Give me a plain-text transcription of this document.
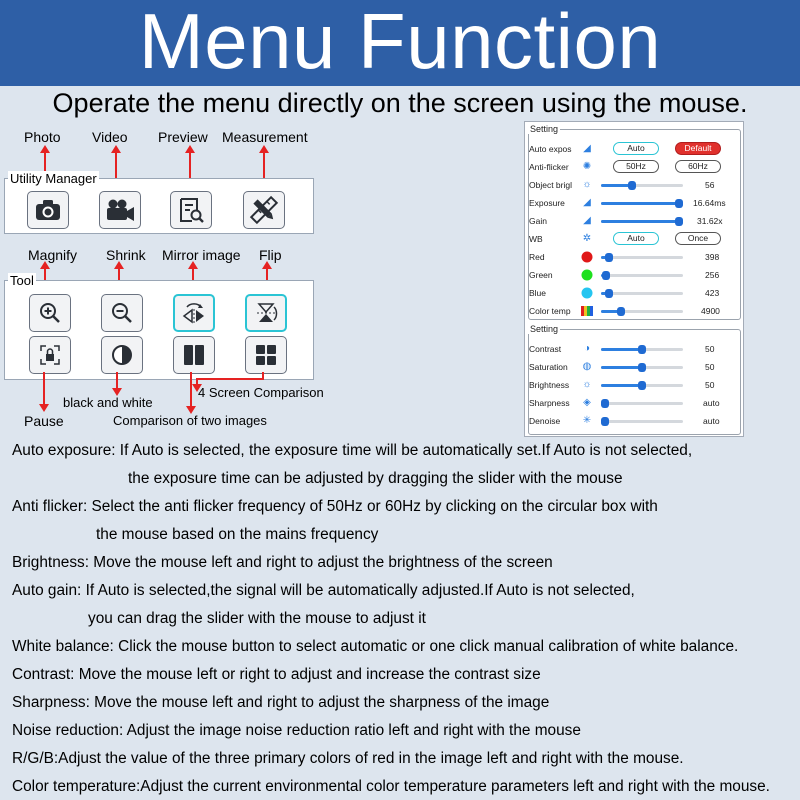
Menu Function
Operate the menu directly on the screen using the mouse.
Photo Video Preview Measurement
Utility Manager
Magnify Shrink Mirror image Flip
Tool
Pause
black and white
Comparison of two images
4 Screen Comparison
Setting
Auto expos	◢	Auto	Default
Anti-flicker	✺	50Hz	60Hz
Object brigl	☼	56
Exposure	◢	16.64ms
Gain	◢	31.62x
WB	✲	Auto	Once
Red	398
Green	256
Blue	423
Color temp	4900
Setting
Contrast	◑	50
Saturation	◍	50
Brightness	☼	50
Sharpness	◈	auto
Denoise	✳	auto
Auto exposure: If Auto is selected, the exposure time will be automatically set.If Auto is not selected,
the exposure time can be adjusted by dragging the slider with the mouse
Anti flicker: Select the anti flicker frequency of 50Hz or 60Hz by clicking on the circular box with
the mouse based on the mains frequency
Brightness: Move the mouse left and right to adjust the brightness of the screen
Auto gain: If Auto is selected,the signal will be automatically adjusted.If Auto is not selected,
you can drag the slider with the mouse to adjust it
White balance: Click the mouse button to select automatic or one click manual calibration of white balance.
Contrast: Move the mouse left or right to adjust and increase the contrast size
Sharpness: Move the mouse left and right to adjust the sharpness of the image
Noise reduction: Adjust the image noise reduction ratio left and right with the mouse
R/G/B:Adjust the value of the three primary colors of red in the image left and right with the mouse.
Color temperature:Adjust the current environmental color temperature parameters left and right with the mouse.
